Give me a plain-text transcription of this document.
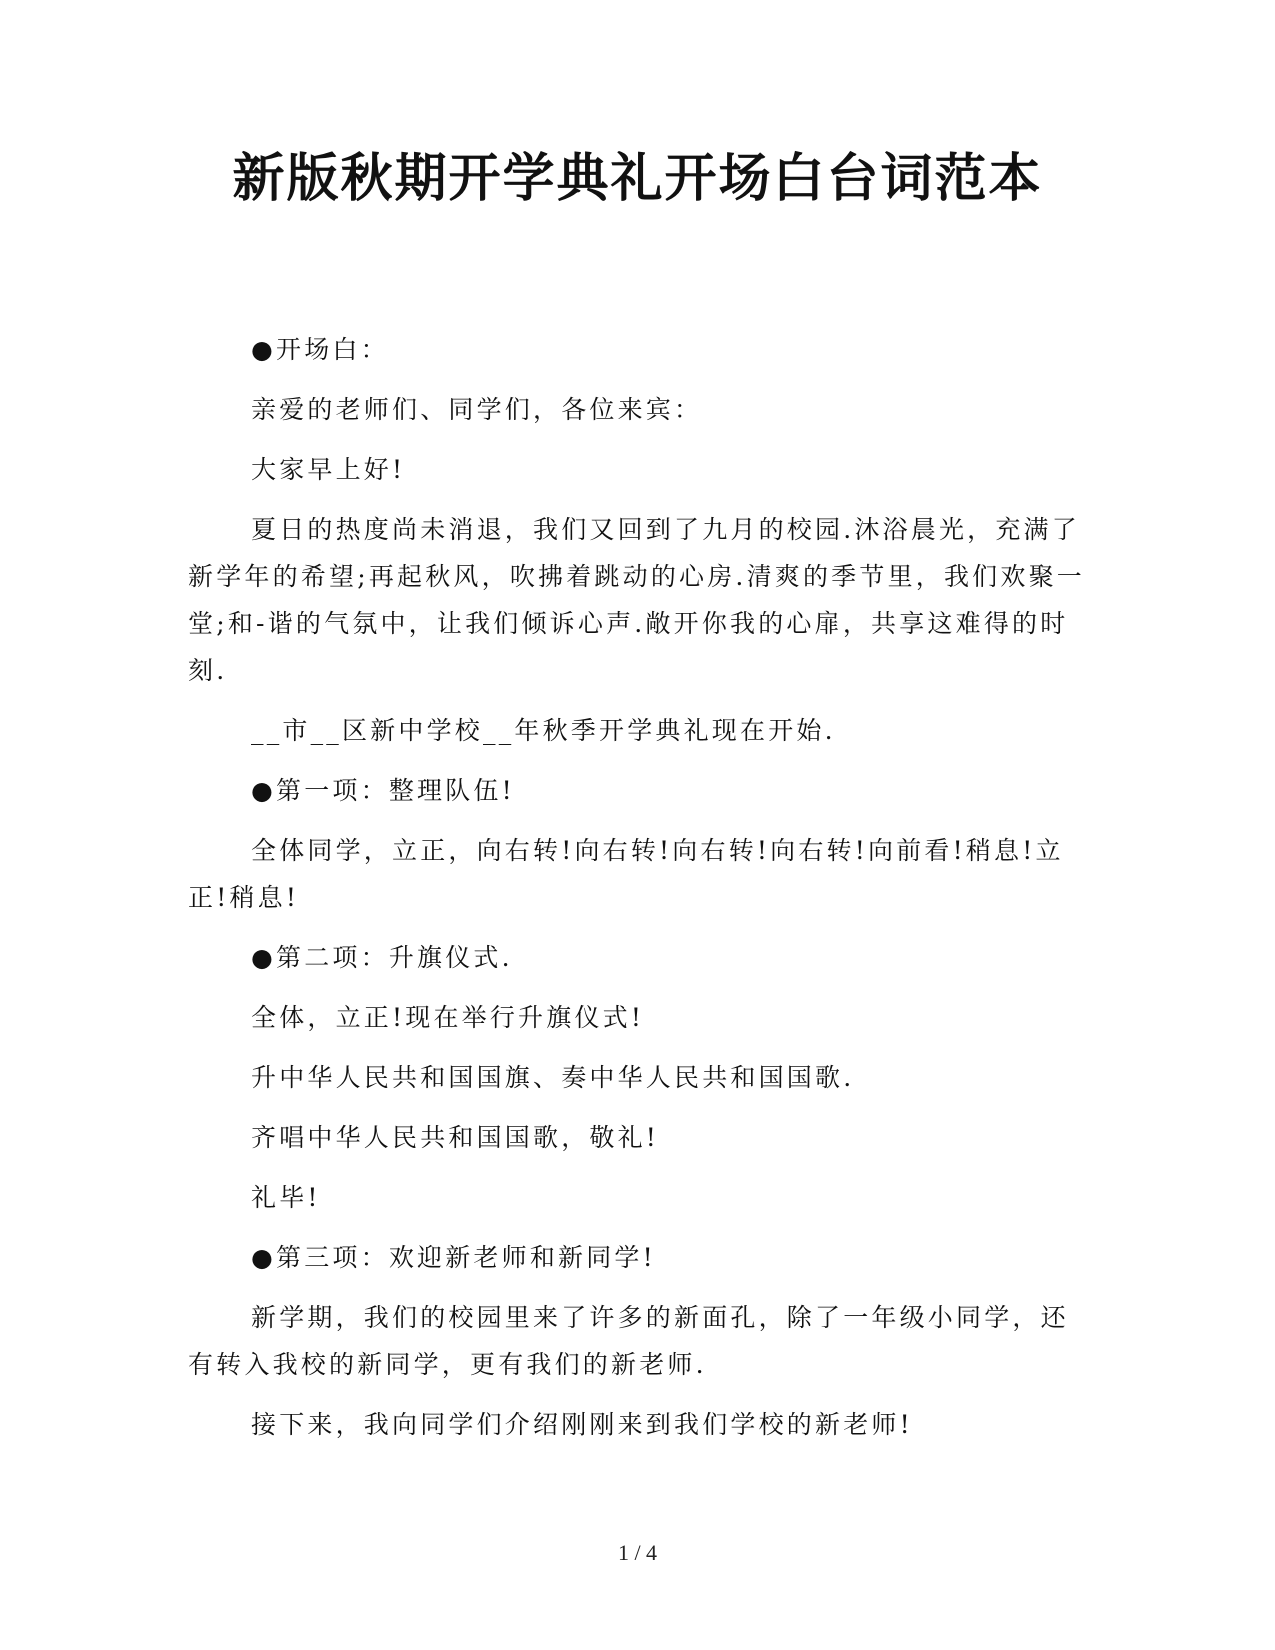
新版秋期开学典礼开场白台词范本

●开场白：

亲爱的老师们、同学们，各位来宾：

大家早上好!

夏日的热度尚未消退，我们又回到了九月的校园.沐浴晨光，充满了新学年的希望;再起秋风，吹拂着跳动的心房.清爽的季节里，我们欢聚一堂;和-谐的气氛中，让我们倾诉心声.敞开你我的心扉，共享这难得的时刻.

__市__区新中学校__年秋季开学典礼现在开始.

●第一项：整理队伍!

全体同学，立正，向右转!向右转!向右转!向右转!向前看!稍息!立正!稍息!

●第二项：升旗仪式.

全体，立正!现在举行升旗仪式!

升中华人民共和国国旗、奏中华人民共和国国歌.

齐唱中华人民共和国国歌，敬礼!

礼毕!

●第三项：欢迎新老师和新同学!

新学期，我们的校园里来了许多的新面孔，除了一年级小同学，还有转入我校的新同学，更有我们的新老师.

接下来，我向同学们介绍刚刚来到我们学校的新老师!

1 / 4
